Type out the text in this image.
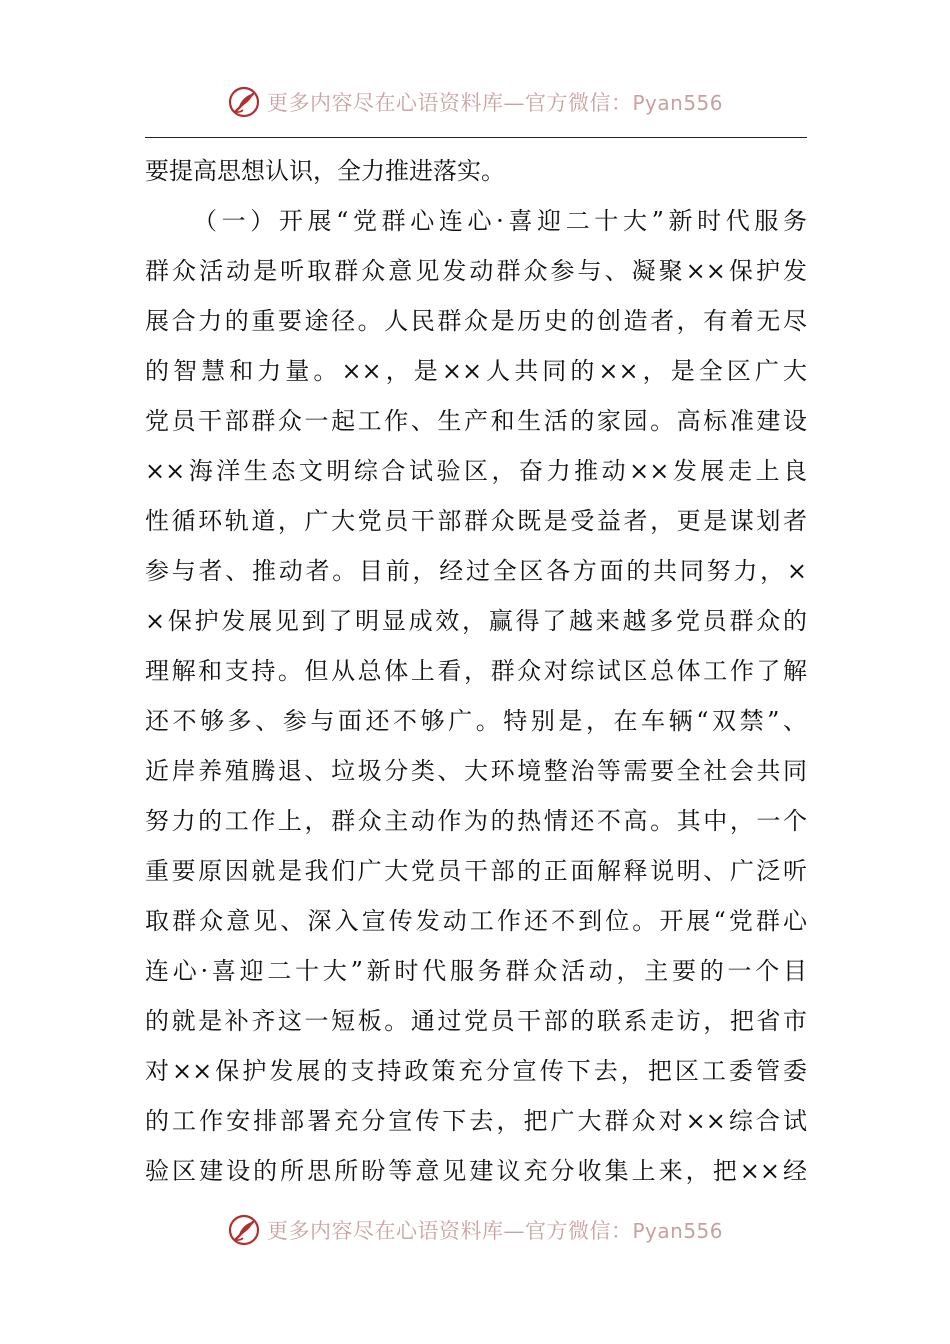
更多内容尽在心语资料库—官方微信：Pyan556
要提高思想认识，全力推进落实。
（一）开展“党群心连心·喜迎二十大”新时代服务
群众活动是听取群众意见发动群众参与、凝聚××保护发
展合力的重要途径。人民群众是历史的创造者，有着无尽
的智慧和力量。××，是××人共同的××，是全区广大
党员干部群众一起工作、生产和生活的家园。高标准建设
××海洋生态文明综合试验区，奋力推动××发展走上良
性循环轨道，广大党员干部群众既是受益者，更是谋划者
参与者、推动者。目前，经过全区各方面的共同努力，×
×保护发展见到了明显成效，赢得了越来越多党员群众的
理解和支持。但从总体上看，群众对综试区总体工作了解
还不够多、参与面还不够广。特别是，在车辆“双禁”、
近岸养殖腾退、垃圾分类、大环境整治等需要全社会共同
努力的工作上，群众主动作为的热情还不高。其中，一个
重要原因就是我们广大党员干部的正面解释说明、广泛听
取群众意见、深入宣传发动工作还不到位。开展“党群心
连心·喜迎二十大”新时代服务群众活动，主要的一个目
的就是补齐这一短板。通过党员干部的联系走访，把省市
对××保护发展的支持政策充分宣传下去，把区工委管委
的工作安排部署充分宣传下去，把广大群众对××综合试
验区建设的所思所盼等意见建议充分收集上来，把××经
更多内容尽在心语资料库—官方微信：Pyan556
